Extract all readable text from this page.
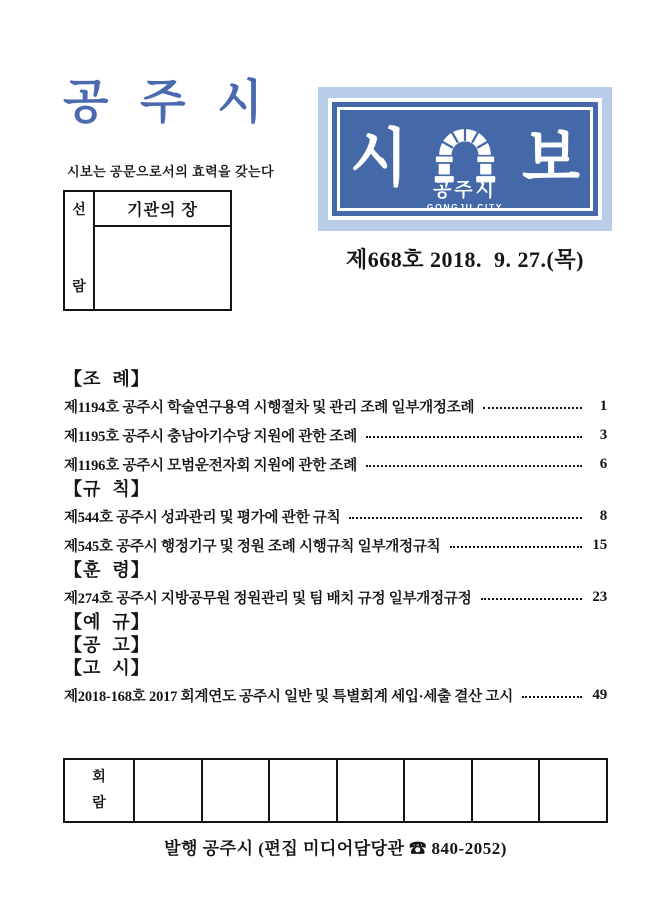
공 주 시
시보는 공문으로서의 효력을 갖는다
선
람
기관의 장
시 공주시
GONGJU CITY
보
제668호 2018.  9. 27.(목)
【조  례】
제1194호 공주시 학술연구용역 시행절차 및 관리 조례 일부개정조례	1
제1195호 공주시 충남아기수당 지원에 관한 조례	3
제1196호 공주시 모범운전자회 지원에 관한 조례	6
【규  칙】
제544호 공주시 성과관리 및 평가에 관한 규칙	8
제545호 공주시 행정기구 및 정원 조례 시행규칙 일부개정규칙	15
【훈  령】
제274호 공주시 지방공무원 정원관리 및 팀 배치 규정 일부개정규정	23
【예  규】
【공  고】
【고  시】
제2018-168호 2017 회계연도 공주시 일반 및 특별회계 세입·세출 결산 고시	49
회
람
발행 공주시 (편집 미디어담당관 ☎ 840-2052)
